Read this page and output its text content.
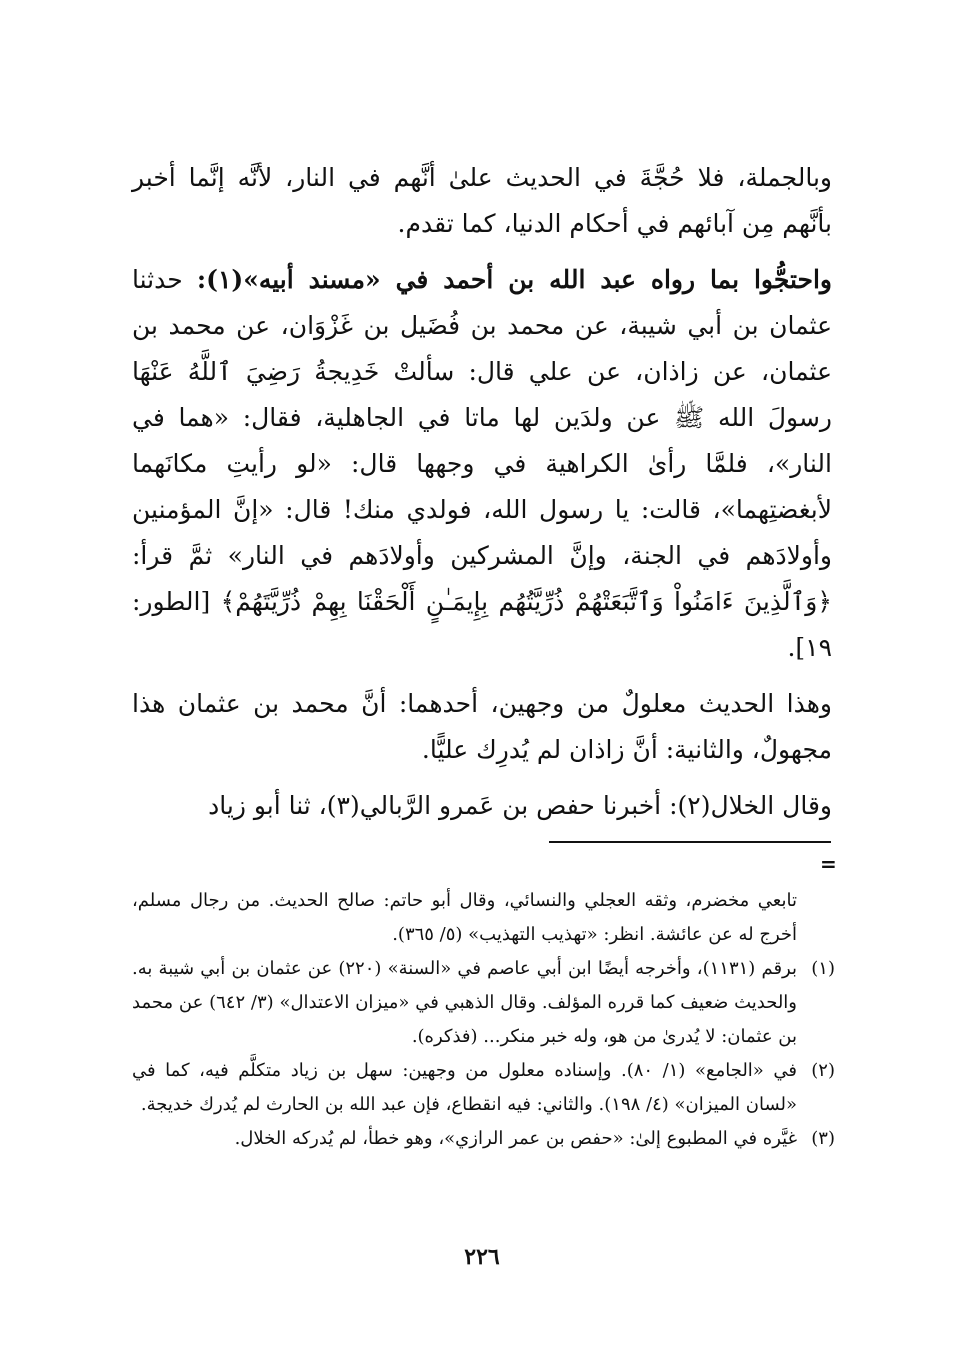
وبالجملة، فلا حُجَّةَ في الحديث علىٰ أنَّهم في النار، لأنَّه إنَّما أخبر بأنَّهم مِن آبائهم في أحكام الدنيا، كما تقدم.

واحتجُّوا بما رواه عبد الله بن أحمد في «مسند أبيه»(١): حدثنا عثمان بن أبي شيبة، عن محمد بن فُضَيل بن غَزْوَان، عن محمد بن عثمان، عن زاذان، عن علي قال: سألتْ خَدِيجةُ رَضِيَ ٱللَّهُ عَنْهَا رسولَ الله ﷺ عن ولدَين لها ماتا في الجاهلية، فقال: «هما في النار»، فلمَّا رأىٰ الكراهية في وجهها قال: «لو رأيتِ مكانَهما لأبغضتِهما»، قالت: يا رسول الله، فولدي منك! قال: «إنَّ المؤمنين وأولادَهم في الجنة، وإنَّ المشركين وأولادَهم في النار» ثمَّ قرأ: ﴿وَٱلَّذِينَ ءَامَنُواْ وَٱتَّبَعَتْهُمْ ذُرِّيَّتُهُم بِإِيمَـٰنٍ أَلْحَقْنَا بِهِمْ ذُرِّيَّتَهُمْ﴾ [الطور: ١٩].

وهذا الحديث معلولٌ من وجهين، أحدهما: أنَّ محمد بن عثمان هذا مجهولٌ، والثانية: أنَّ زاذان لم يُدرِك عليًّا.

وقال الخلال(٢): أخبرنا حفص بن عَمرو الرَّبالي(٣)، ثنا أبو زياد

=

تابعي مخضرم، وثقه العجلي والنسائي، وقال أبو حاتم: صالح الحديث. من رجال مسلم، أخرج له عن عائشة. انظر: «تهذيب التهذيب» (٥/ ٣٦٥).

(١)
برقم (١١٣١)، وأخرجه أيضًا ابن أبي عاصم في «السنة» (٢٢٠) عن عثمان بن أبي شيبة به. والحديث ضعيف كما قرره المؤلف. وقال الذهبي في «ميزان الاعتدال» (٣/ ٦٤٢) عن محمد بن عثمان: لا يُدرىٰ من هو، وله خبر منكر... (فذكره).
(٢)
في «الجامع» (١/ ٨٠). وإسناده معلول من وجهين: سهل بن زياد متكلَّم فيه، كما في «لسان الميزان» (٤/ ١٩٨). والثاني: فيه انقطاع، فإن عبد الله بن الحارث لم يُدرك خديجة.
(٣)
غيَّره في المطبوع إلىٰ: «حفص بن عمر الرازي»، وهو خطأ، لم يُدركه الخلال.
٢٢٦
